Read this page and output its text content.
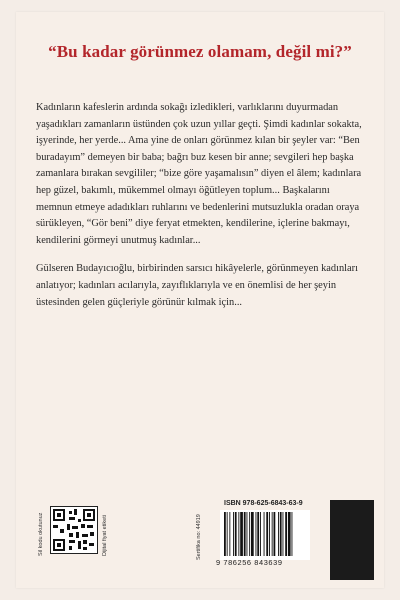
“Bu kadar görünmez olamam, değil mi?”

Kadınların kafeslerin ardında sokağı izledikleri, varlıklarını duyurmadan yaşadıkları zamanların üstünden çok uzun yıllar geçti. Şimdi kadınlar sokakta, işyerinde, her yerde... Ama yine de onları görünmez kılan bir şeyler var: “Ben buradayım” demeyen bir baba; bağrı buz kesen bir anne; sevgileri hep başka zamanlara bırakan sevgililer; “bize göre yaşamalısın” diyen el âlem; kadınlara hep güzel, bakımlı, mükemmel olmayı öğütleyen toplum... Başkalarını memnun etmeye adadıkları ruhlarını ve bedenlerini mutsuzlukla oradan oraya sürükleyen, “Gör beni” diye feryat etmekten, kendilerine, içlerine bakmayı, kendilerini görmeyi unutmuş kadınlar...

Gülseren Budayıcıoğlu, birbirinden sarsıcı hikâyelerle, görünmeyen kadınları anlatıyor; kadınları acılarıyla, zayıflıklarıyla ve en önemlisi de her şeyin üstesinden gelen güçleriyle görünür kılmak için...

Sil kodu okutunuz	Dijital fiyat etiketi	Sertifika no: 44919
ISBN 978-625-6843-63-9
9 786256 843639
